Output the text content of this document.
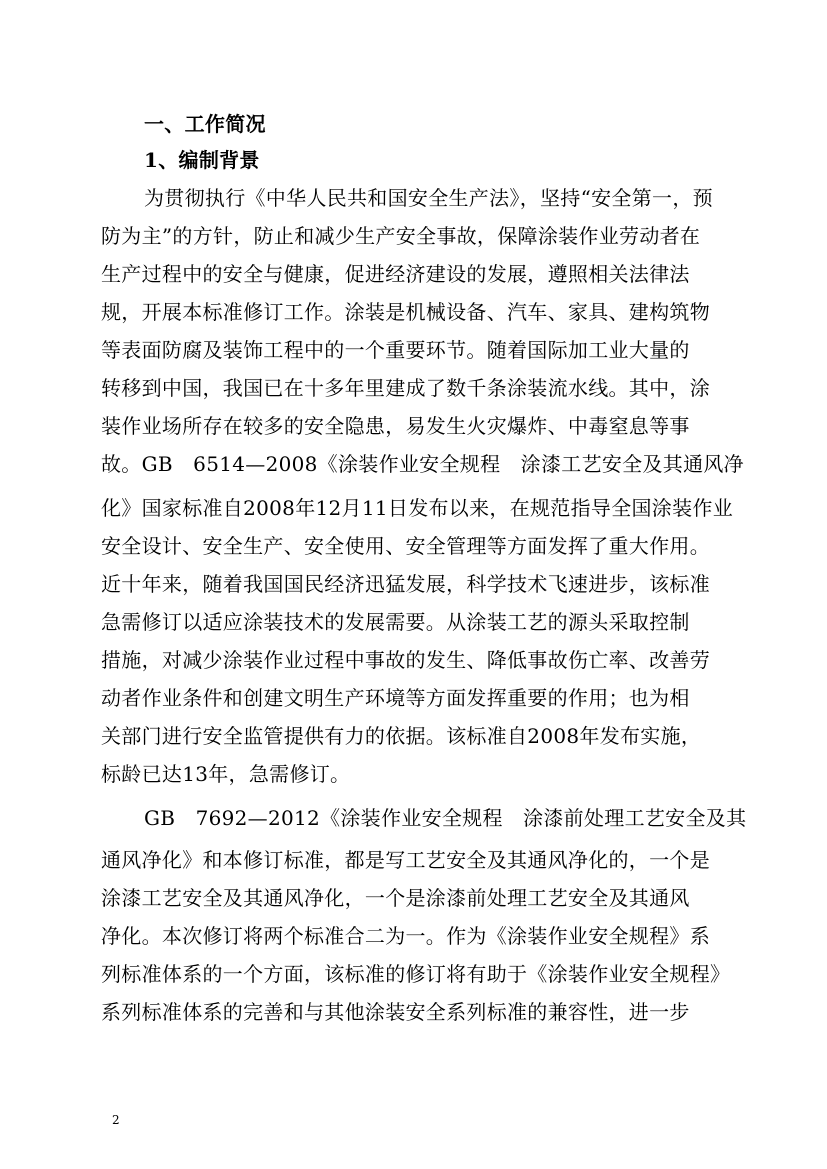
一、工作简况
1、编制背景
为贯彻执行《中华人民共和国安全生产法》，坚持“安全第一，预
防为主”的方针，防止和减少生产安全事故，保障涂装作业劳动者在
生产过程中的安全与健康，促进经济建设的发展，遵照相关法律法
规，开展本标准修订工作。涂装是机械设备、汽车、家具、建构筑物
等表面防腐及装饰工程中的一个重要环节。随着国际加工业大量的
转移到中国，我国已在十多年里建成了数千条涂装流水线。其中，涂
装作业场所存在较多的安全隐患，易发生火灾爆炸、中毒窒息等事
故。GB　6514—2008《涂装作业安全规程　涂漆工艺安全及其通风净
化》国家标准自2008年12月11日发布以来，在规范指导全国涂装作业
安全设计、安全生产、安全使用、安全管理等方面发挥了重大作用。
近十年来，随着我国国民经济迅猛发展，科学技术飞速进步，该标准
急需修订以适应涂装技术的发展需要。从涂装工艺的源头采取控制
措施，对减少涂装作业过程中事故的发生、降低事故伤亡率、改善劳
动者作业条件和创建文明生产环境等方面发挥重要的作用；也为相
关部门进行安全监管提供有力的依据。该标准自2008年发布实施，
标龄已达13年，急需修订。
GB　7692—2012《涂装作业安全规程　涂漆前处理工艺安全及其
通风净化》和本修订标准，都是写工艺安全及其通风净化的，一个是
涂漆工艺安全及其通风净化，一个是涂漆前处理工艺安全及其通风
净化。本次修订将两个标准合二为一。作为《涂装作业安全规程》系
列标准体系的一个方面，该标准的修订将有助于《涂装作业安全规程》
系列标准体系的完善和与其他涂装安全系列标准的兼容性，进一步
2
